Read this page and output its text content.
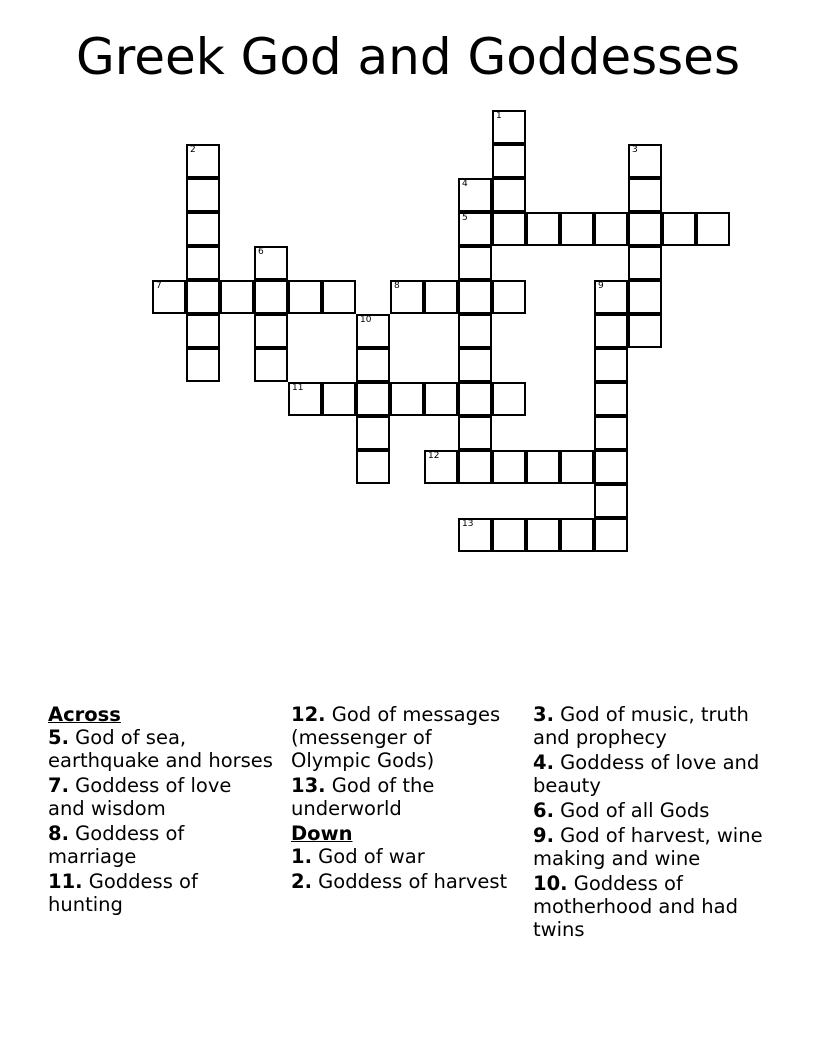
Greek God and Goddesses
1
2	3
4
5
6
7	8	9
10
11
12
13
Across
5. God of sea, earthquake and horses
7. Goddess of love and wisdom
8. Goddess of marriage
11. Goddess of hunting
12. God of messages (messenger of Olympic Gods)
13. God of the underworld
Down
1. God of war
2. Goddess of harvest
3. God of music, truth and prophecy
4. Goddess of love and beauty
6. God of all Gods
9. God of harvest, wine making and wine
10. Goddess of motherhood and had twins
